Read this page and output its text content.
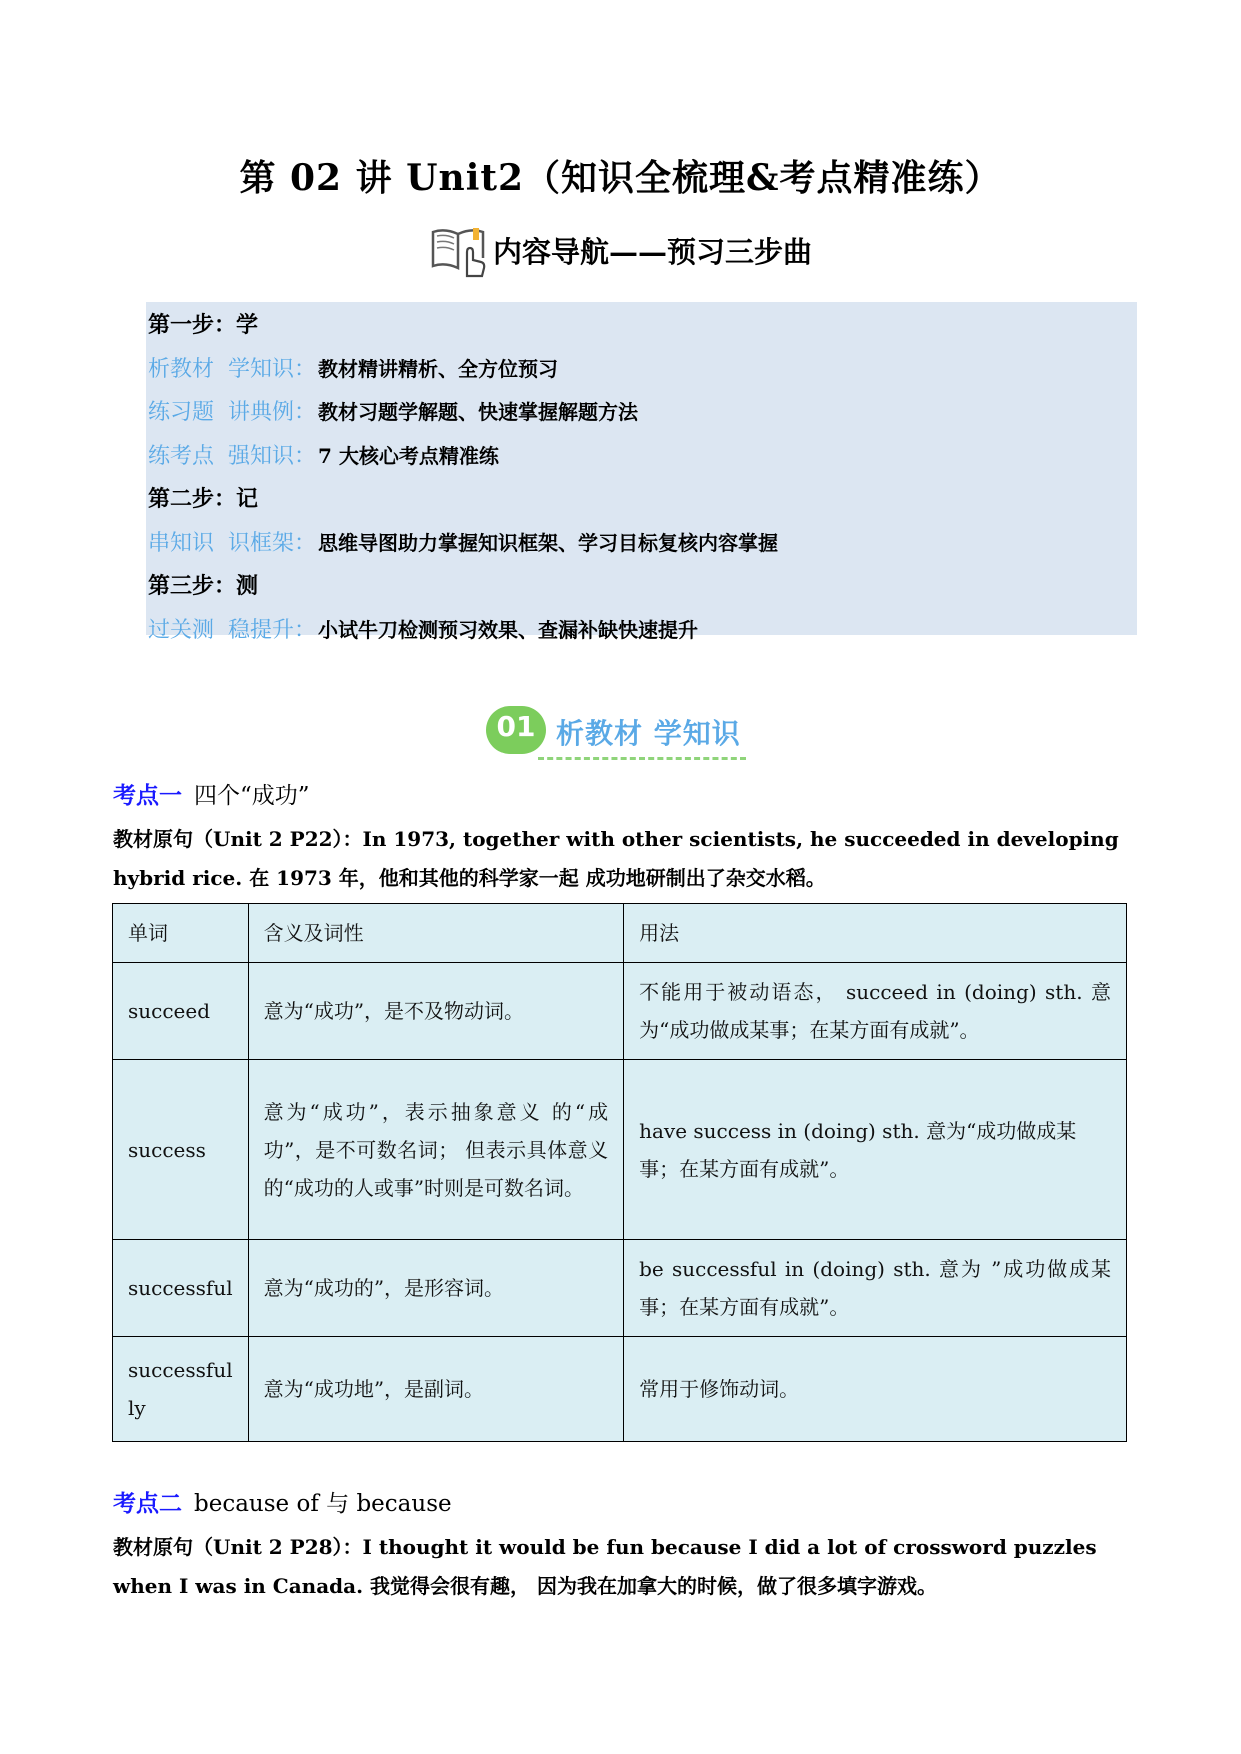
第 02 讲 Unit2（知识全梳理&考点精准练）
内容导航——预习三步曲
第一步：学
析教材  学知识： 教材精讲精析、全方位预习
练习题  讲典例： 教材习题学解题、快速掌握解题方法
练考点  强知识： 7 大核心考点精准练
第二步：记
串知识  识框架： 思维导图助力掌握知识框架、学习目标复核内容掌握
第三步：测
过关测  稳提升： 小试牛刀检测预习效果、查漏补缺快速提升
01 析教材 学知识
考点一 四个“成功”
教材原句（Unit 2 P22）：In 1973, together with other scientists, he succeeded in developing hybrid rice. 在 1973 年，他和其他的科学家一起 成功地研制出了杂交水稻。
单词	含义及词性	用法
succeed	意为“成功”，是不及物动词。	不能用于被动语态， succeed in (doing) sth. 意为“成功做成某事；在某方面有成就”。
success	意为“成功”，表示抽象意义 的“成功”，是不可数名词； 但表示具体意义的“成功的人或事”时则是可数名词。	have success in (doing) sth. 意为“成功做成某事；在某方面有成就”。
successful	意为“成功的”，是形容词。	be successful in (doing) sth. 意为 ”成功做成某事；在某方面有成就”。
successfully	意为“成功地”，是副词。	常用于修饰动词。
考点二 because of 与 because
教材原句（Unit 2 P28）：I thought it would be fun because I did a lot of crossword puzzles when I was in Canada. 我觉得会很有趣， 因为我在加拿大的时候，做了很多填字游戏。
